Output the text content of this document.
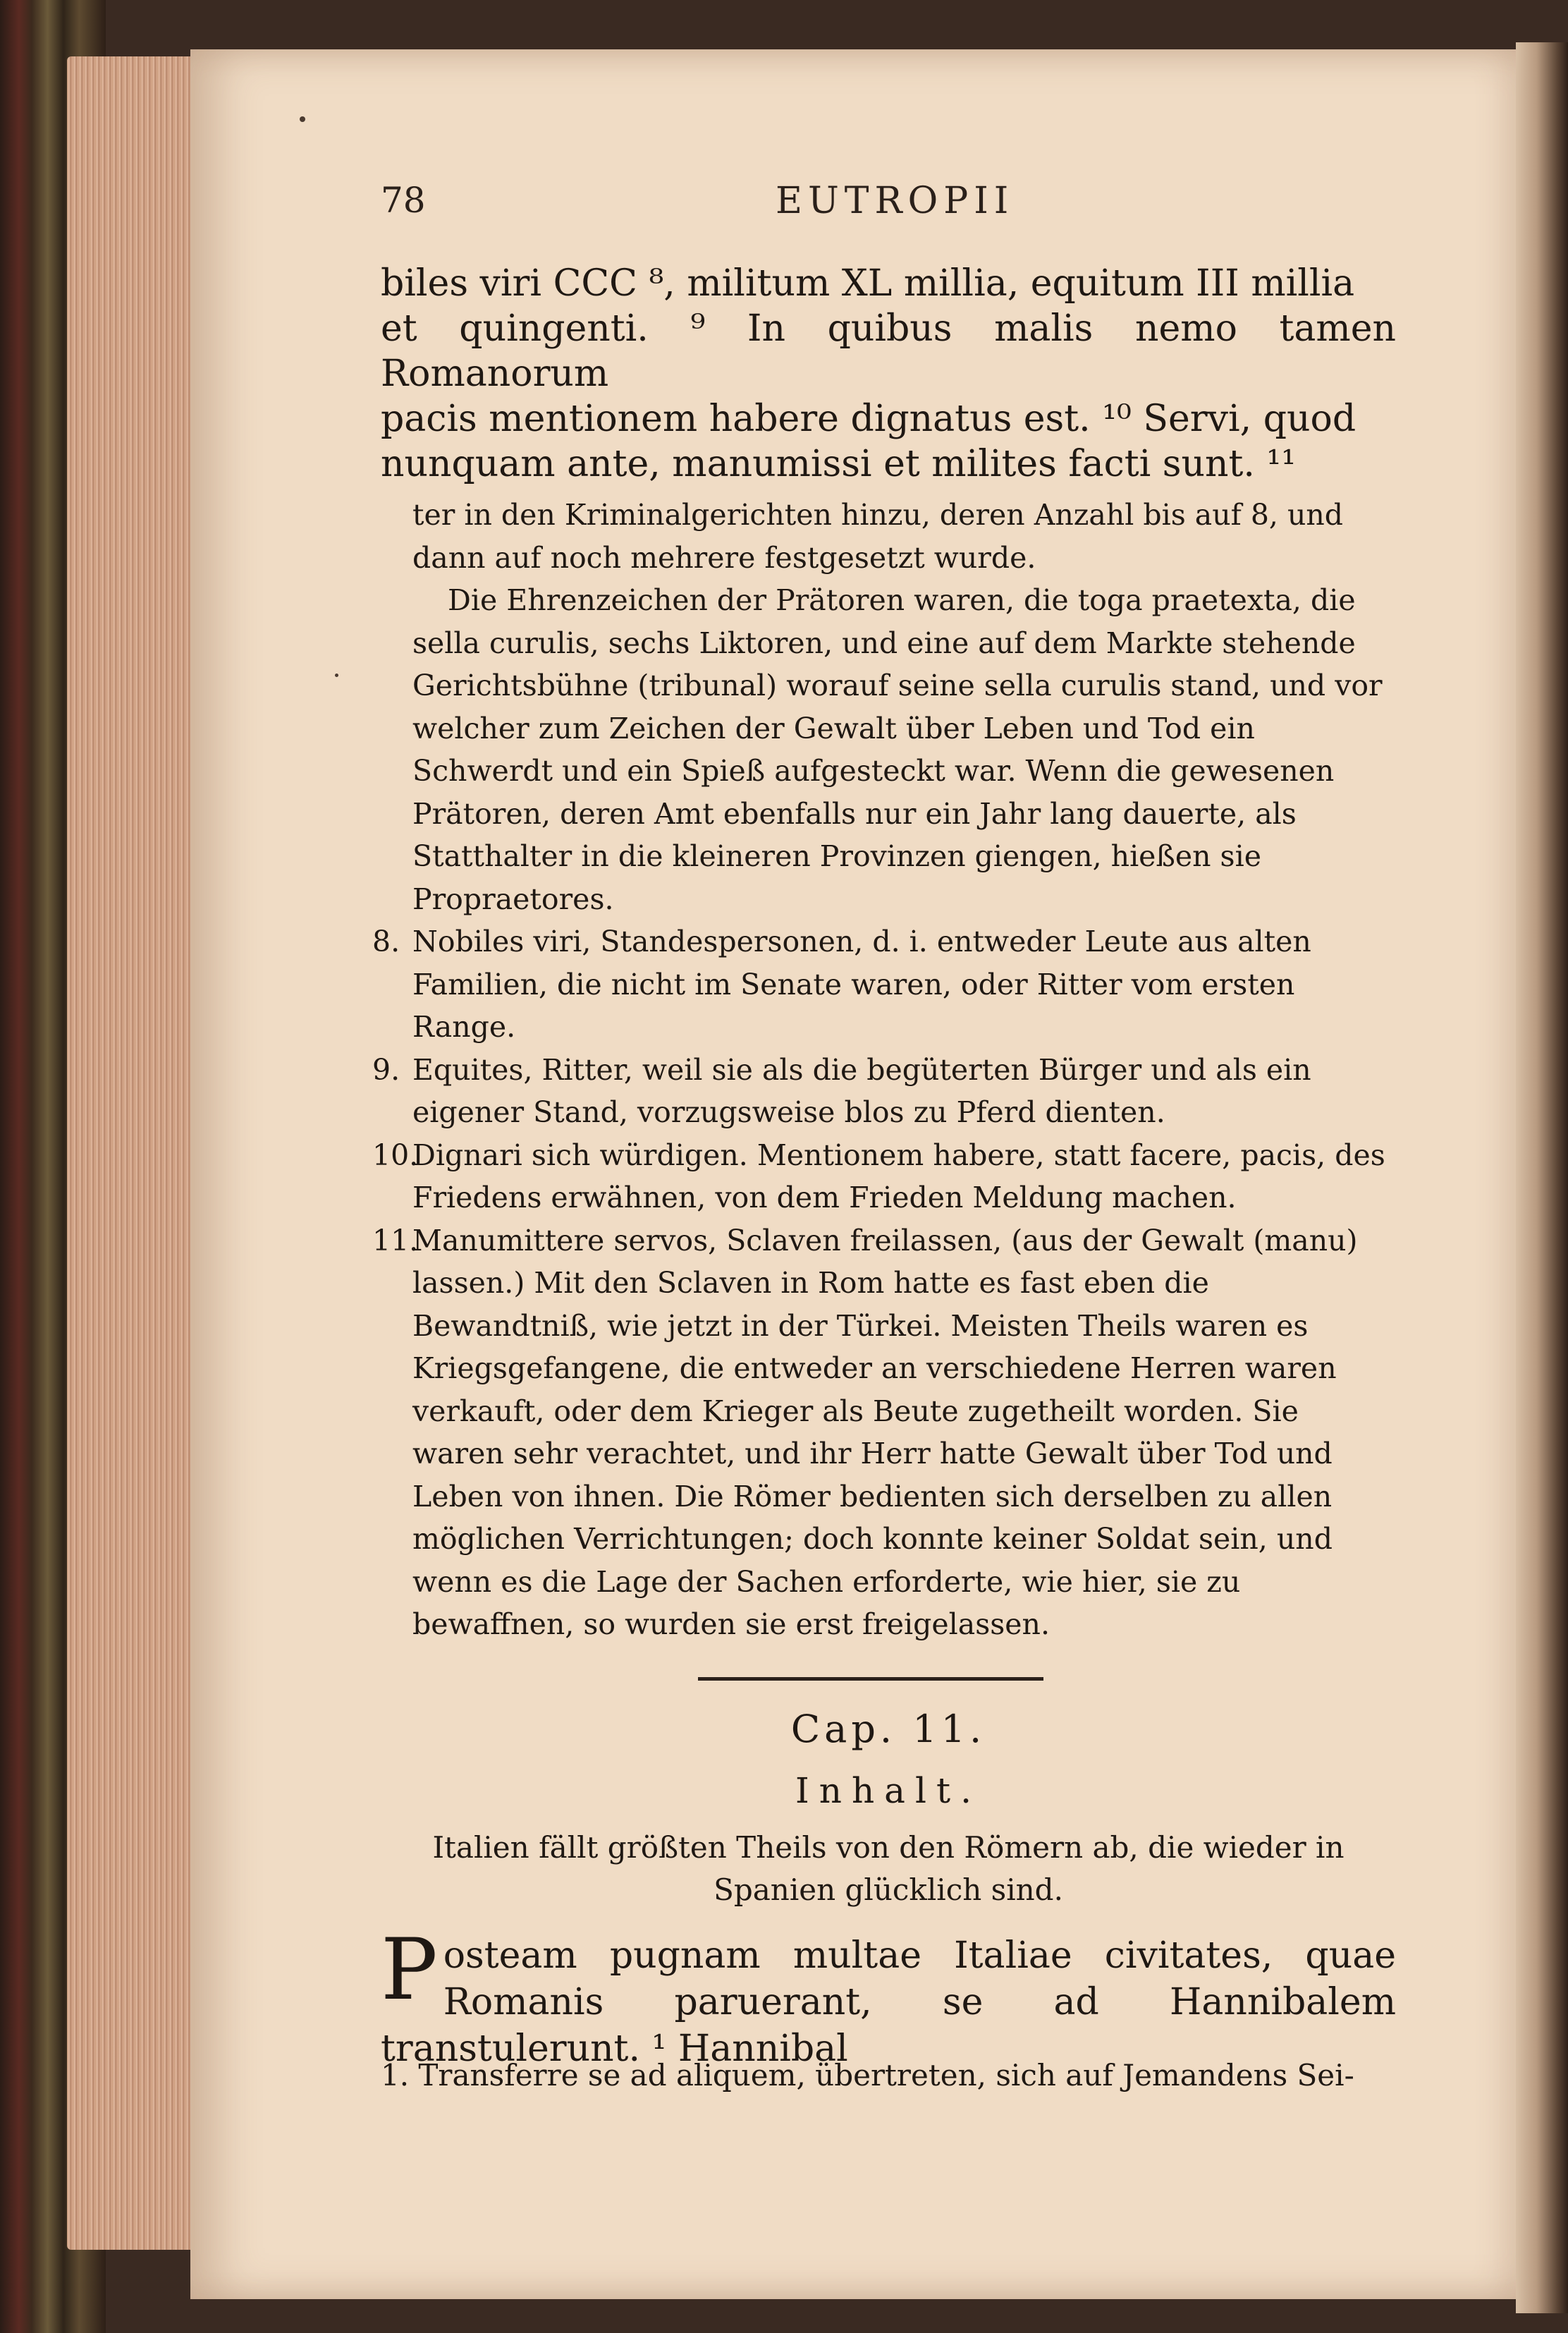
78	EUTROPII

biles viri CCC ⁸, militum XL millia, equitum III millia

et quingenti. ⁹ In quibus malis nemo tamen Romanorum

pacis mentionem habere dignatus est. ¹⁰ Servi, quod

nunquam ante, manumissi et milites facti sunt. ¹¹

ter in den Kriminalgerichten hinzu, deren Anzahl bis auf 8, und dann auf noch mehrere festgesetzt wurde.

Die Ehrenzeichen der Prätoren waren, die toga praetexta, die sella curulis, sechs Liktoren, und eine auf dem Markte stehende Gerichtsbühne (tribunal) worauf seine sella curulis stand, und vor welcher zum Zeichen der Gewalt über Leben und Tod ein Schwerdt und ein Spieß aufgesteckt war. Wenn die gewesenen Prätoren, deren Amt ebenfalls nur ein Jahr lang dauerte, als Statthalter in die kleineren Provinzen giengen, hießen sie Propraetores.

8. Nobiles viri, Standespersonen, d. i. entweder Leute aus alten Familien, die nicht im Senate waren, oder Ritter vom ersten Range.

9. Equites, Ritter, weil sie als die begüterten Bürger und als ein eigener Stand, vorzugsweise blos zu Pferd dienten.

10.
Dignari sich würdigen. Mentionem habere, statt facere, pacis, des Friedens erwähnen, von dem Frieden Meldung machen.

11.
Manumittere servos, Sclaven freilassen, (aus der Gewalt (manu) lassen.) Mit den Sclaven in Rom hatte es fast eben die Bewandtniß, wie jetzt in der Türkei. Meisten Theils waren es Kriegsgefangene, die entweder an verschiedene Herren waren verkauft, oder dem Krieger als Beute zugetheilt worden. Sie waren sehr verachtet, und ihr Herr hatte Gewalt über Tod und Leben von ihnen. Die Römer bedienten sich derselben zu allen möglichen Verrichtungen; doch konnte keiner Soldat sein, und wenn es die Lage der Sachen erforderte, wie hier, sie zu bewaffnen, so wurden sie erst freigelassen.

Cap. 11.
Inhalt.
Italien fällt größten Theils von den Römern ab, die wieder in Spanien glücklich sind.
Posteam pugnam multae Italiae civitates, quae Romanis paruerant, se ad Hannibalem transtulerunt. ¹ Hannibal
1. Transferre se ad aliquem, übertreten, sich auf Jemandens Sei-
